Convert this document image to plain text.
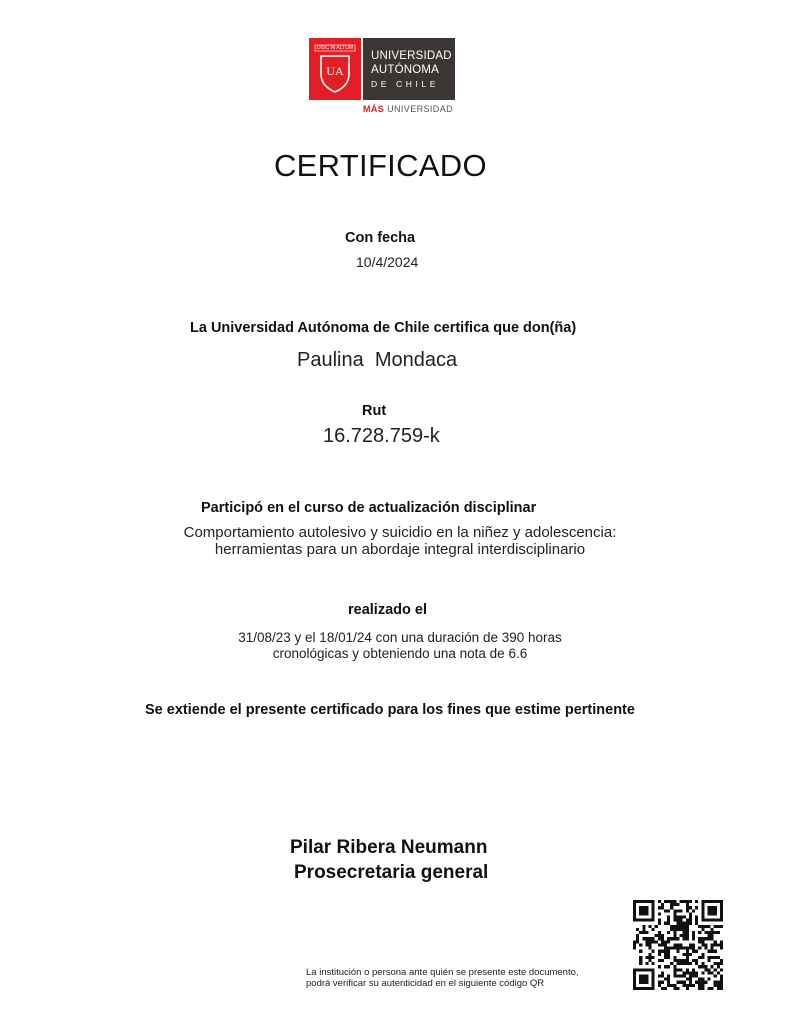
DISC IN ALTUM
UA
UNIVERSIDAD
AUTÓNOMA
DE CHILE
MÁS UNIVERSIDAD
CERTIFICADO
Con fecha
10/4/2024
La Universidad Autónoma de Chile certifica que don(ña)
Paulina  Mondaca
Rut
16.728.759-k
Participó en el curso de actualización disciplinar
Comportamiento autolesivo y suicidio en la niñez y adolescencia:
herramientas para un abordaje integral interdisciplinario
realizado el
31/08/23 y el 18/01/24 con una duración de 390 horas
cronológicas y obteniendo una nota de 6.6
Se extiende el presente certificado para los fines que estime pertinente
Pilar Ribera Neumann
Prosecretaria general
La institución o persona ante quién se presente este documento,
podrá verificar su autenticidad en el siguiente código QR
